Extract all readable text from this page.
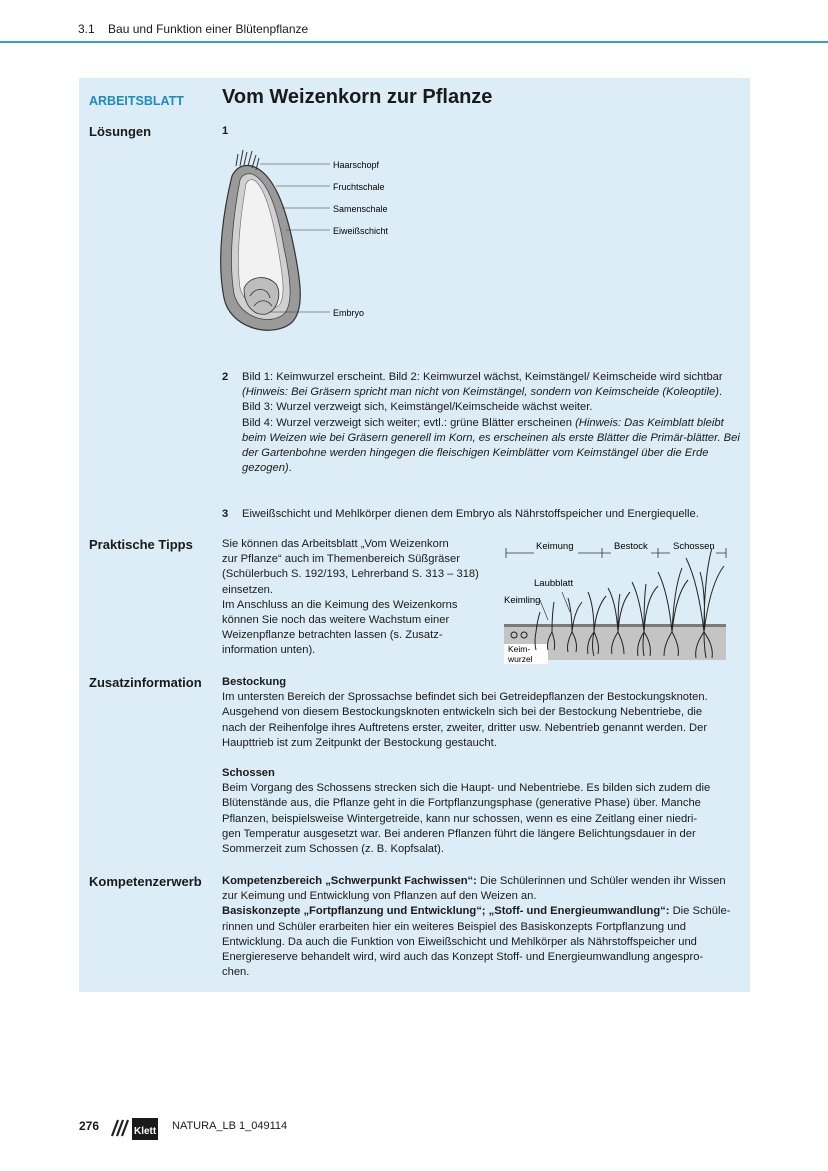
3.1 Bau und Funktion einer Blütenpflanze
ARBEITSBLATT Vom Weizenkorn zur Pflanze
Lösungen	1
Haarschopf
Fruchtschale
Samenschale
Eiweißschicht
Embryo
2 Bild 1: Keimwurzel erscheint. Bild 2: Keimwurzel wächst, Keimstängel/ Keimscheide wird sichtbar (Hinweis: Bei Gräsern spricht man nicht von Keimstängel, sondern von Keimscheide (Koleoptile).
Bild 3: Wurzel verzweigt sich, Keimstängel/Keimscheide wächst weiter.
Bild 4: Wurzel verzweigt sich weiter; evtl.: grüne Blätter erscheinen (Hinweis: Das Keimblatt bleibt beim Weizen wie bei Gräsern generell im Korn, es erscheinen als erste Blätter die Primär-blätter. Bei der Gartenbohne werden hingegen die fleischigen Keimblätter vom Keimstängel über die Erde gezogen).
3 Eiweißschicht und Mehlkörper dienen dem Embryo als Nährstoffspeicher und Energiequelle.
Praktische Tipps	Sie können das Arbeitsblatt „Vom Weizenkorn
zur Pflanze“ auch im Themenbereich Süßgräser
(Schülerbuch S. 192/193, Lehrerband S. 313 – 318)
einsetzen.
Im Anschluss an die Keimung des Weizenkorns
können Sie noch das weitere Wachstum einer
Weizenpflanze betrachten lassen (s. Zusatz-
information unten).
Keimung	Bestock	Schossen
Laubblatt
Keimling
Keim-
wurzel
Zusatzinformation Bestockung
Im untersten Bereich der Sprossachse befindet sich bei Getreidepflanzen der Bestockungsknoten.
Ausgehend von diesem Bestockungsknoten entwickeln sich bei der Bestockung Nebentriebe, die
nach der Reihenfolge ihres Auftretens erster, zweiter, dritter usw. Nebentrieb genannt werden. Der
Haupttrieb ist zum Zeitpunkt der Bestockung gestaucht.
Schossen
Beim Vorgang des Schossens strecken sich die Haupt- und Nebentriebe. Es bilden sich zudem die
Blütenstände aus, die Pflanze geht in die Fortpflanzungsphase (generative Phase) über. Manche
Pflanzen, beispielsweise Wintergetreide, kann nur schossen, wenn es eine Zeitlang einer niedri-
gen Temperatur ausgesetzt war. Bei anderen Pflanzen führt die längere Belichtungsdauer in der
Sommerzeit zum Schossen (z. B. Kopfsalat).
Kompetenzerwerb Kompetenzbereich „Schwerpunkt Fachwissen“: Die Schülerinnen und Schüler wenden ihr Wissen
zur Keimung und Entwicklung von Pflanzen auf den Weizen an.
Basiskonzepte „Fortpflanzung und Entwicklung“; „Stoff- und Energieumwandlung“: Die Schüle-
rinnen und Schüler erarbeiten hier ein weiteres Beispiel des Basiskonzepts Fortpflanzung und
Entwicklung. Da auch die Funktion von Eiweißschicht und Mehlkörper als Nährstoffspeicher und
Energiereserve behandelt wird, wird auch das Konzept Stoff- und Energieumwandlung angespro-
chen.
276	Klett NATURA_LB 1_049114
